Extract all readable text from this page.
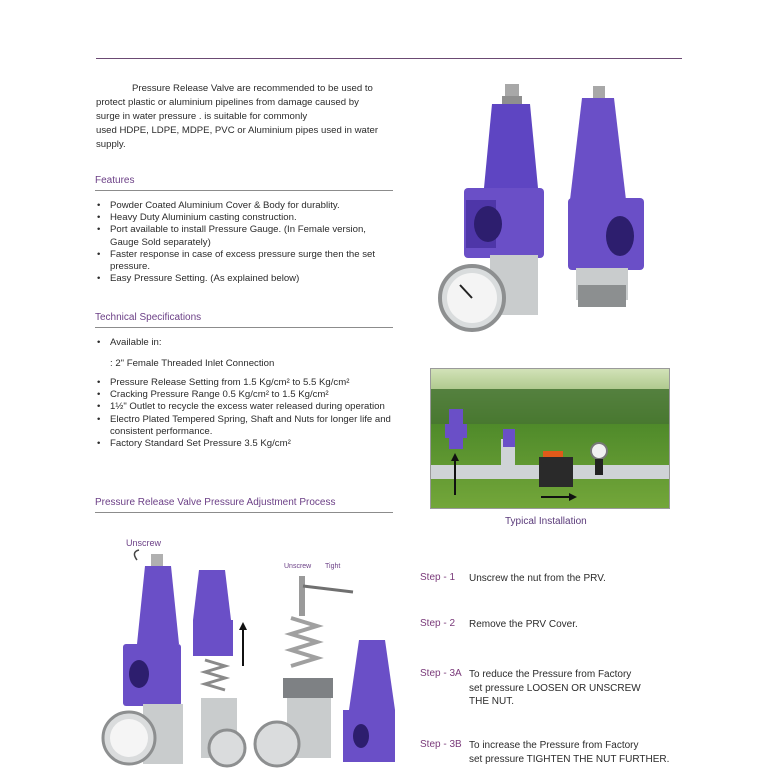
Pressure Release Valve are recommended to be used to
protect plastic or aluminium pipelines from damage caused by
surge in water pressure . is suitable for commonly
used HDPE, LDPE, MDPE, PVC or Aluminium pipes used in water
supply.
Features
• Powder Coated Aluminium Cover & Body for durablity.
• Heavy Duty Aluminium casting construction.
• Port available to install Pressure Gauge. (In Female version, Gauge Sold separately)
• Faster response in case of excess pressure surge then the set pressure.
• Easy Pressure Setting. (As explained below)
Technical Specifications
• Available in:
: 2" Female Threaded Inlet Connection
• Pressure Release Setting from 1.5 Kg/cm² to 5.5 Kg/cm²
• Cracking Pressure Range 0.5 Kg/cm² to 1.5 Kg/cm²
• 1½" Outlet to recycle the excess water released during operation
• Electro Plated Tempered Spring, Shaft and Nuts for longer life and consistent performance.
• Factory Standard Set Pressure 3.5 Kg/cm²
Pressure Release Valve Pressure Adjustment Process
Typical Installation
Unscrew
Unscrew Tight
Step - 1 Unscrew the nut from the PRV.
Step - 2 Remove the PRV Cover.
Step - 3A To reduce the Pressure from Factory
set pressure LOOSEN OR UNSCREW
THE NUT.
Step - 3B To increase the Pressure from Factory
set pressure TIGHTEN THE NUT FURTHER.
